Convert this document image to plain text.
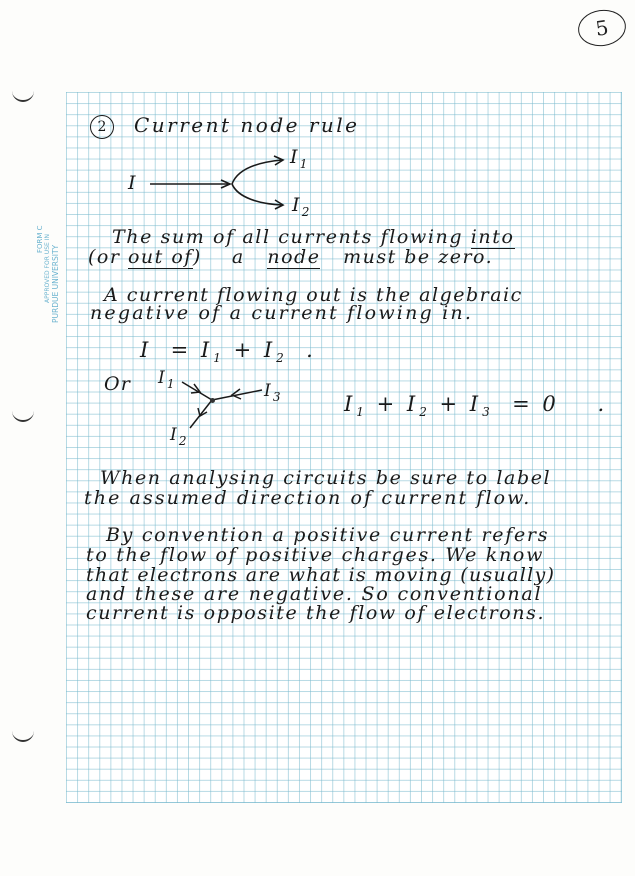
FORM C APPROVED FOR USE IN PURDUE UNIVERSITY
5
2	Current node rule
I
$I_1$
$I_2$
The sum of all currents flowing into
(or out of) a node must be zero.
A current flowing out is the algebraic
negative of a current flowing in.
$I = I_1 + I_2$ .
Or $I_1$	$I_3$
$I_2$
$I_1 + I_2 + I_3 = 0$ .
When analysing circuits be sure to label
the assumed direction of current flow.
By convention a positive current refers
to the flow of positive charges. We know
that electrons are what is moving (usually)
and these are negative. So conventional
current is opposite the flow of electrons.
